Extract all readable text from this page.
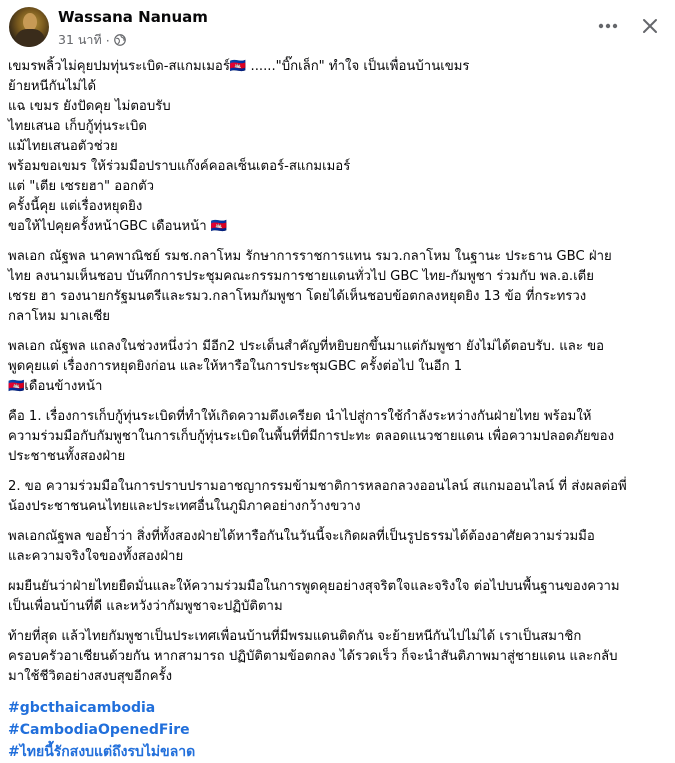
Wassana Nanuam
31 นาที ·
เขมรพลิ้วไม่คุยปมทุ่นระเบิด-สแกมเมอร์🇰🇭 ......"บิ๊กเล็ก" ทำใจ เป็นเพื่อนบ้านเขมร
ย้ายหนีกันไม่ได้
แฉ เขมร ยังปัดคุย ไม่ตอบรับ
ไทยเสนอ เก็บกู้ทุ่นระเบิด
แม้ไทยเสนอตัวช่วย
พร้อมขอเขมร ให้ร่วมมือปราบแก๊งค์คอลเซ็นเตอร์-สแกมเมอร์
แต่ "เตีย เซรยฮา" ออกตัว
ครั้งนี้คุย แต่เรื่องหยุดยิง
ขอให้ไปคุยครั้งหน้าGBC เดือนหน้า 🇰🇭
พลเอก ณัฐพล นาคพาณิชย์ รมช.กลาโหม รักษาการราชการแทน รมว.กลาโหม ในฐานะ ประธาน GBC ฝ่าย
ไทย ลงนามเห็นชอบ บันทึกการประชุมคณะกรรมการชายแดนทั่วไป GBC ไทย-กัมพูชา ร่วมกับ พล.อ.เตีย
เซรย ฮา รองนายกรัฐมนตรีและรมว.กลาโหมกัมพูชา โดยได้เห็นชอบข้อตกลงหยุดยิง 13 ข้อ ที่กระทรวง
กลาโหม มาเลเซีย
พลเอก ณัฐพล แถลงในช่วงหนึ่งว่า มีอีก2 ประเด็นสำคัญที่หยิบยกขึ้นมาแต่กัมพูชา ยังไม่ได้ตอบรับ. และ ขอ
พูดคุยแต่ เรื่องการหยุดยิงก่อน และให้หารือในการประชุมGBC ครั้งต่อไป ในอีก 1
🇰🇭เดือนข้างหน้า
คือ 1. เรื่องการเก็บกู้ทุ่นระเบิดที่ทำให้เกิดความตึงเครียด นำไปสู่การใช้กำลังระหว่างกันฝ่ายไทย พร้อมให้
ความร่วมมือกับกัมพูชาในการเก็บกู้ทุ่นระเบิดในพื้นที่ที่มีการปะทะ ตลอดแนวชายแดน เพื่อความปลอดภัยของ
ประชาชนทั้งสองฝ่าย
2. ขอ ความร่วมมือในการปราบปรามอาชญากรรมข้ามชาติการหลอกลวงออนไลน์ สแกมออนไลน์ ที่ ส่งผลต่อพี่
น้องประชาชนคนไทยและประเทศอื่นในภูมิภาคอย่างกว้างขวาง
พลเอกณัฐพล ขอย้ำว่า สิ่งที่ทั้งสองฝ่ายได้หารือกันในวันนี้จะเกิดผลที่เป็นรูปธรรมได้ต้องอาศัยความร่วมมือ
และความจริงใจของทั้งสองฝ่าย
ผมยืนยันว่าฝ่ายไทยยืดมั่นและให้ความร่วมมือในการพูดคุยอย่างสุจริตใจและจริงใจ ต่อไปบนพื้นฐานของความ
เป็นเพื่อนบ้านที่ดี และหวังว่ากัมพูชาจะปฏิบัติตาม
ท้ายที่สุด แล้วไทยกัมพูชาเป็นประเทศเพื่อนบ้านที่มีพรมแดนติดกัน จะย้ายหนีกันไปไม่ได้ เราเป็นสมาชิก
ครอบครัวอาเซียนด้วยกัน หากสามารถ ปฏิบัติตามข้อตกลง ได้รวดเร็ว ก็จะนำสันติภาพมาสู่ชายแดน และกลับ
มาใช้ชีวิตอย่างสงบสุขอีกครั้ง
#gbcthaicambodia
#CambodiaOpenedFire
#ไทยนี้รักสงบแต่ถึงรบไม่ขลาด
